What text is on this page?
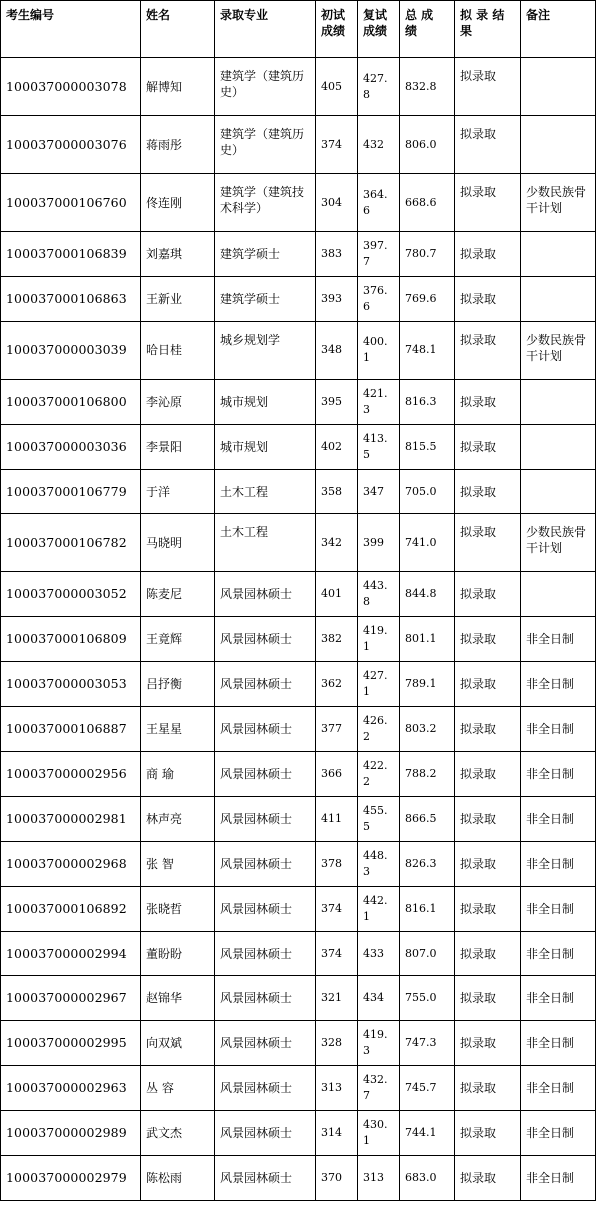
考生编号	姓名	录取专业	初试成绩	复试成绩	总 成 绩	拟 录 结 果	备注
100037000003078	解博知	建筑学（建筑历史）	405	427.8	832.8	拟录取	
100037000003076	蒋雨彤	建筑学（建筑历史）	374	432	806.0	拟录取	
100037000106760	佟连刚	建筑学（建筑技术科学）	304	364.6	668.6	拟录取	少数民族骨干计划
100037000106839	刘嘉琪	建筑学硕士	383	397.7	780.7	拟录取	
100037000106863	王新业	建筑学硕士	393	376.6	769.6	拟录取	
100037000003039	哈日桂	城乡规划学	348	400.1	748.1	拟录取	少数民族骨干计划
100037000106800	李沁原	城市规划	395	421.3	816.3	拟录取	
100037000003036	李景阳	城市规划	402	413.5	815.5	拟录取	
100037000106779	于洋	土木工程	358	347	705.0	拟录取	
100037000106782	马晓明	土木工程	342	399	741.0	拟录取	少数民族骨干计划
100037000003052	陈麦尼	风景园林硕士	401	443.8	844.8	拟录取	
100037000106809	王竟辉	风景园林硕士	382	419.1	801.1	拟录取	非全日制
100037000003053	吕抒衡	风景园林硕士	362	427.1	789.1	拟录取	非全日制
100037000106887	王星星	风景园林硕士	377	426.2	803.2	拟录取	非全日制
100037000002956	商 瑜	风景园林硕士	366	422.2	788.2	拟录取	非全日制
100037000002981	林声亮	风景园林硕士	411	455.5	866.5	拟录取	非全日制
100037000002968	张 智	风景园林硕士	378	448.3	826.3	拟录取	非全日制
100037000106892	张晓哲	风景园林硕士	374	442.1	816.1	拟录取	非全日制
100037000002994	董盼盼	风景园林硕士	374	433	807.0	拟录取	非全日制
100037000002967	赵锦华	风景园林硕士	321	434	755.0	拟录取	非全日制
100037000002995	向双斌	风景园林硕士	328	419.3	747.3	拟录取	非全日制
100037000002963	丛 容	风景园林硕士	313	432.7	745.7	拟录取	非全日制
100037000002989	武文杰	风景园林硕士	314	430.1	744.1	拟录取	非全日制
100037000002979	陈松雨	风景园林硕士	370	313	683.0	拟录取	非全日制
